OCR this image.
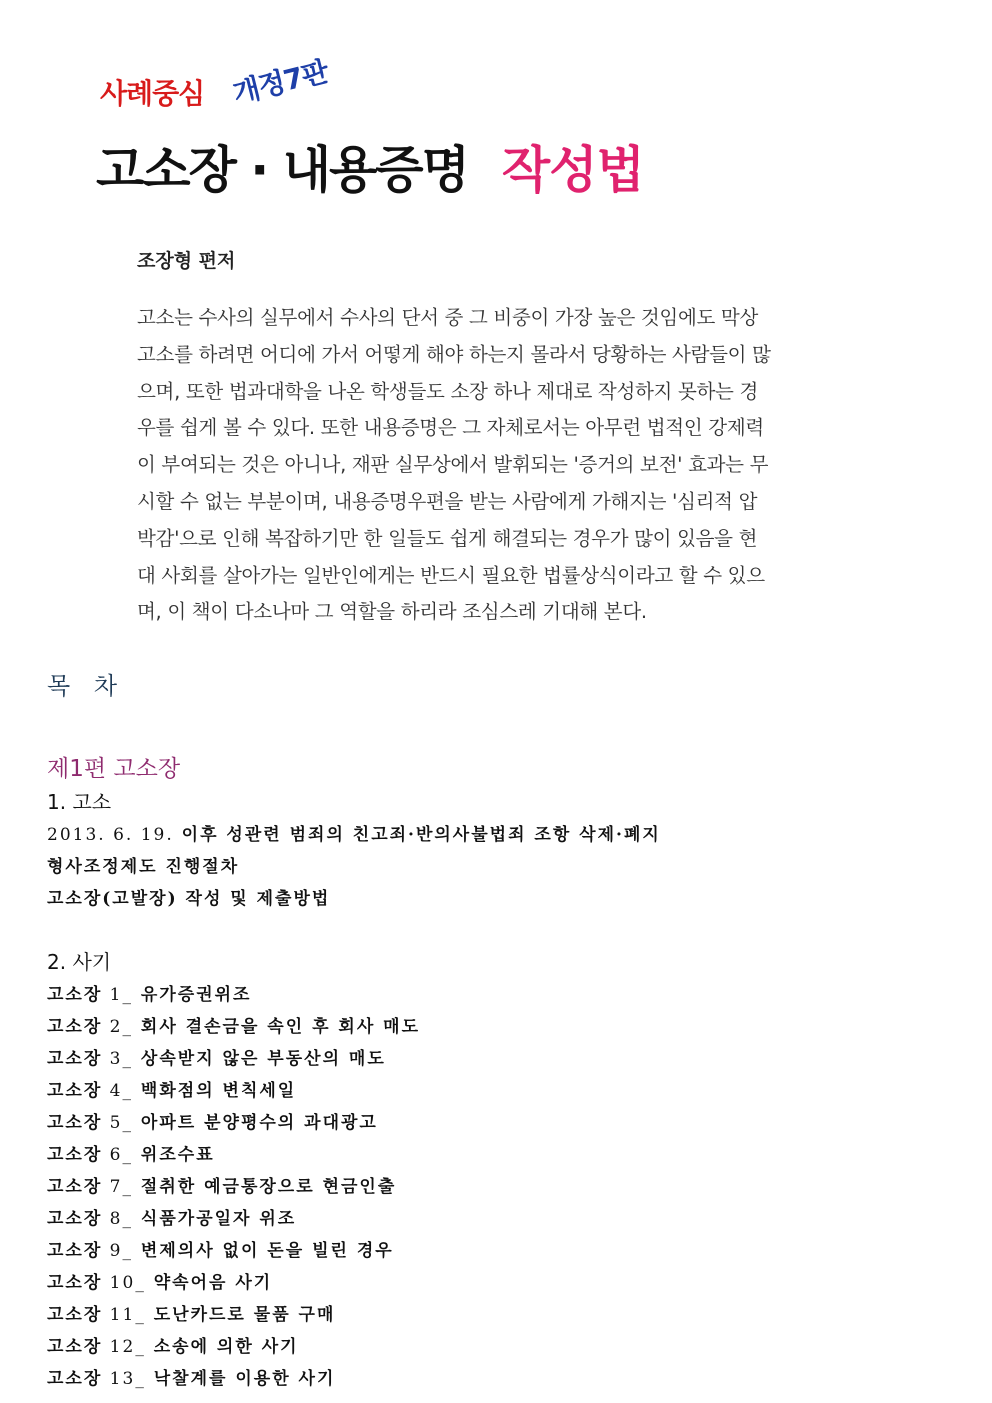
사례중심 개정7판
고소장 · 내용증명 작성법
조장형 편저
고소는 수사의 실무에서 수사의 단서 중 그 비중이 가장 높은 것임에도 막상
고소를 하려면 어디에 가서 어떻게 해야 하는지 몰라서 당황하는 사람들이 많
으며, 또한 법과대학을 나온 학생들도 소장 하나 제대로 작성하지 못하는 경
우를 쉽게 볼 수 있다. 또한 내용증명은 그 자체로서는 아무런 법적인 강제력
이 부여되는 것은 아니나, 재판 실무상에서 발휘되는 '증거의 보전' 효과는 무
시할 수 없는 부분이며, 내용증명우편을 받는 사람에게 가해지는 '심리적 압
박감'으로 인해 복잡하기만 한 일들도 쉽게 해결되는 경우가 많이 있음을 현
대 사회를 살아가는 일반인에게는 반드시 필요한 법률상식이라고 할 수 있으
며, 이 책이 다소나마 그 역할을 하리라 조심스레 기대해 본다.
목 차
제1편 고소장
1. 고소
2013. 6. 19. 이후 성관련 범죄의 친고죄·반의사불법죄 조항 삭제·폐지
형사조정제도 진행절차
고소장(고발장) 작성 및 제출방법
2. 사기
고소장 1_ 유가증권위조
고소장 2_ 회사 결손금을 속인 후 회사 매도
고소장 3_ 상속받지 않은 부동산의 매도
고소장 4_ 백화점의 변칙세일
고소장 5_ 아파트 분양평수의 과대광고
고소장 6_ 위조수표
고소장 7_ 절취한 예금통장으로 현금인출
고소장 8_ 식품가공일자 위조
고소장 9_ 변제의사 없이 돈을 빌린 경우
고소장 10_ 약속어음 사기
고소장 11_ 도난카드로 물품 구매
고소장 12_ 소송에 의한 사기
고소장 13_ 낙찰계를 이용한 사기
